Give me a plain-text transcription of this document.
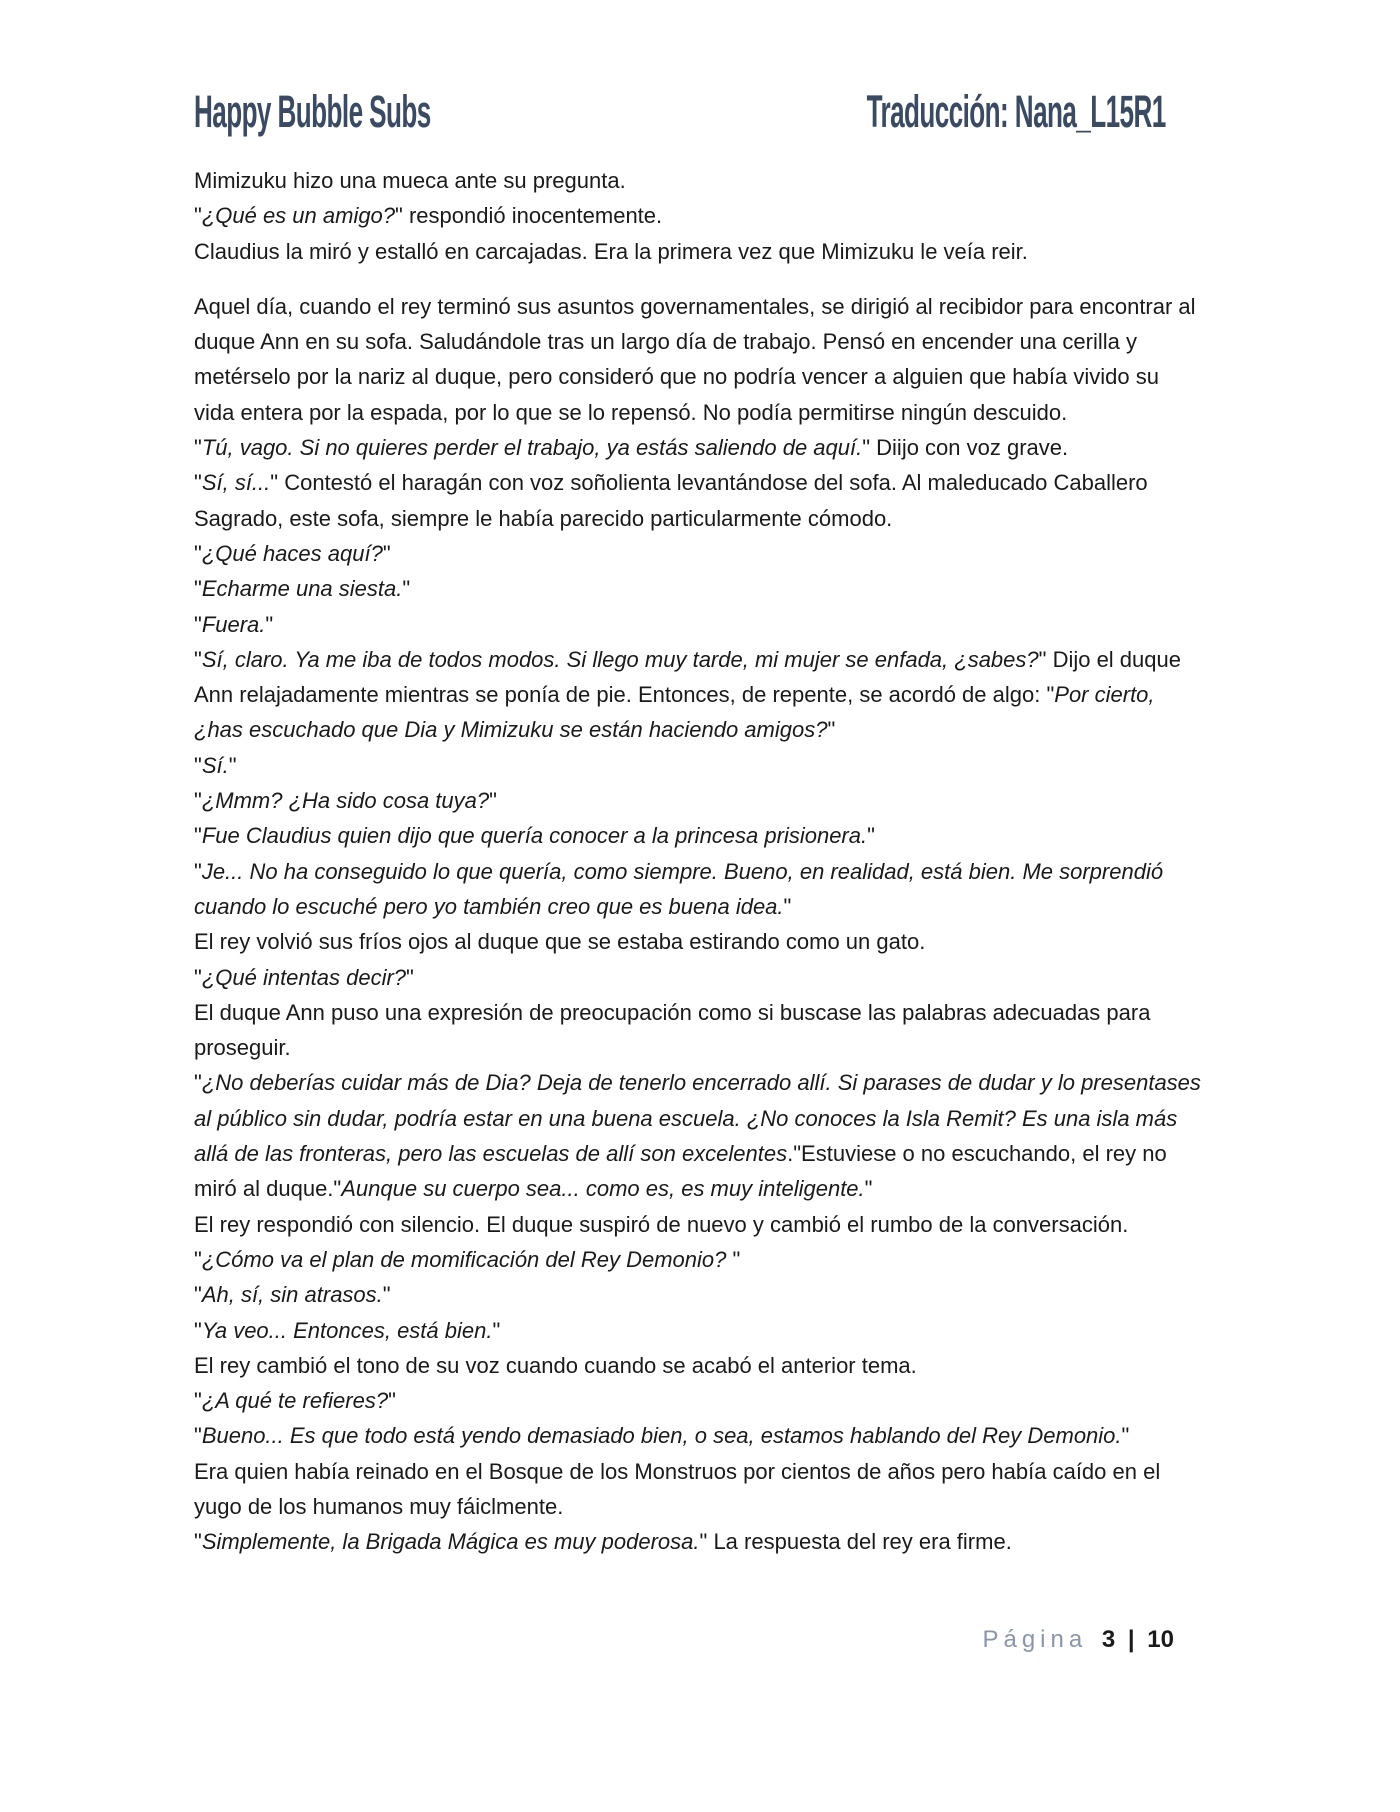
Happy Bubble Subs	Traducción: Nana_L15R1

Mimizuku hizo una mueca ante su pregunta.

"¿Qué es un amigo?" respondió inocentemente.

Claudius la miró y estalló en carcajadas. Era la primera vez que Mimizuku le veía reir.

Aquel día, cuando el rey terminó sus asuntos governamentales, se dirigió al recibidor para encontrar al duque Ann en su sofa. Saludándole tras un largo día de trabajo. Pensó en encender una cerilla y metérselo por la nariz al duque, pero consideró que no podría vencer a alguien que había vivido su vida entera por la espada, por lo que se lo repensó. No podía permitirse ningún descuido.

"Tú, vago. Si no quieres perder el trabajo, ya estás saliendo de aquí." Diijo con voz grave.

"Sí, sí..." Contestó el haragán con voz soñolienta levantándose del sofa. Al maleducado Caballero Sagrado, este sofa, siempre le había parecido particularmente cómodo.

"¿Qué haces aquí?"

"Echarme una siesta."

"Fuera."

"Sí, claro. Ya me iba de todos modos. Si llego muy tarde, mi mujer se enfada, ¿sabes?" Dijo el duque Ann relajadamente mientras se ponía de pie. Entonces, de repente, se acordó de algo: "Por cierto, ¿has escuchado que Dia y Mimizuku se están haciendo amigos?"

"Sí."

"¿Mmm? ¿Ha sido cosa tuya?"

"Fue Claudius quien dijo que quería conocer a la princesa prisionera."

"Je... No ha conseguido lo que quería, como siempre. Bueno, en realidad, está bien. Me sorprendió cuando lo escuché pero yo también creo que es buena idea."

El rey volvió sus fríos ojos al duque que se estaba estirando como un gato.

"¿Qué intentas decir?"

El duque Ann puso una expresión de preocupación como si buscase las palabras adecuadas para proseguir.

"¿No deberías cuidar más de Dia? Deja de tenerlo encerrado allí. Si parases de dudar y lo presentases al público sin dudar, podría estar en una buena escuela. ¿No conoces la Isla Remit? Es una isla más allá de las fronteras, pero las escuelas de allí son excelentes."Estuviese o no escuchando, el rey no miró al duque."Aunque su cuerpo sea... como es, es muy inteligente."

El rey respondió con silencio. El duque suspiró de nuevo y cambió el rumbo de la conversación.

"¿Cómo va el plan de momificación del Rey Demonio? "

"Ah, sí, sin atrasos."

"Ya veo... Entonces, está bien."

El rey cambió el tono de su voz cuando cuando se acabó el anterior tema.

"¿A qué te refieres?"

"Bueno... Es que todo está yendo demasiado bien, o sea, estamos hablando del Rey Demonio."

Era quien había reinado en el Bosque de los Monstruos por cientos de años pero había caído en el yugo de los humanos muy fáiclmente.

"Simplemente, la Brigada Mágica es muy poderosa." La respuesta del rey era firme.

Página 3 | 10
